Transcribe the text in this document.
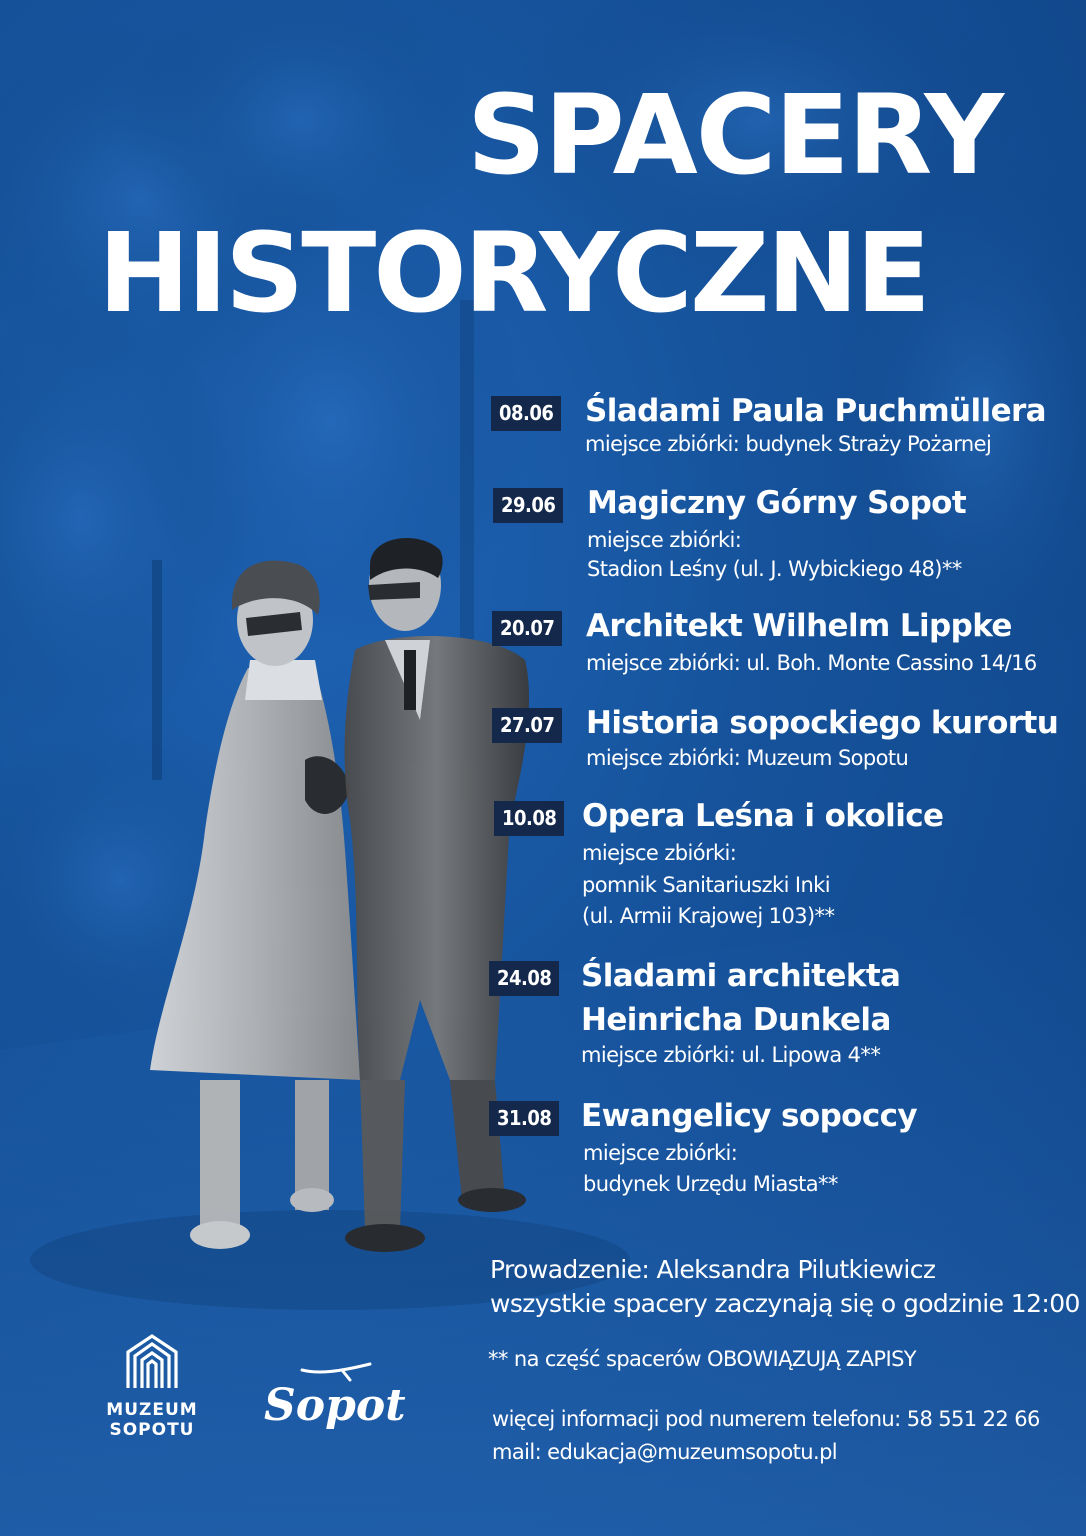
SPACERY
HISTORYCZNE
08.06 Śladami Paula Puchmüllera
miejsce zbiórki: budynek Straży Pożarnej
29.06 Magiczny Górny Sopot
miejsce zbiórki:
Stadion Leśny (ul. J. Wybickiego 48)**
20.07 Architekt Wilhelm Lippke
miejsce zbiórki: ul. Boh. Monte Cassino 14/16
27.07 Historia sopockiego kurortu
miejsce zbiórki: Muzeum Sopotu
10.08 Opera Leśna i okolice
miejsce zbiórki:
pomnik Sanitariuszki Inki
(ul. Armii Krajowej 103)**
24.08 Śladami architekta
Heinricha Dunkela
miejsce zbiórki: ul. Lipowa 4**
31.08 Ewangelicy sopoccy
miejsce zbiórki:
budynek Urzędu Miasta**
Prowadzenie: Aleksandra Pilutkiewicz
wszystkie spacery zaczynają się o godzinie 12:00
** na część spacerów OBOWIĄZUJĄ ZAPISY
więcej informacji pod numerem telefonu: 58 551 22 66
mail: edukacja@muzeumsopotu.pl
MUZEUM
SOPOTU Sopot
